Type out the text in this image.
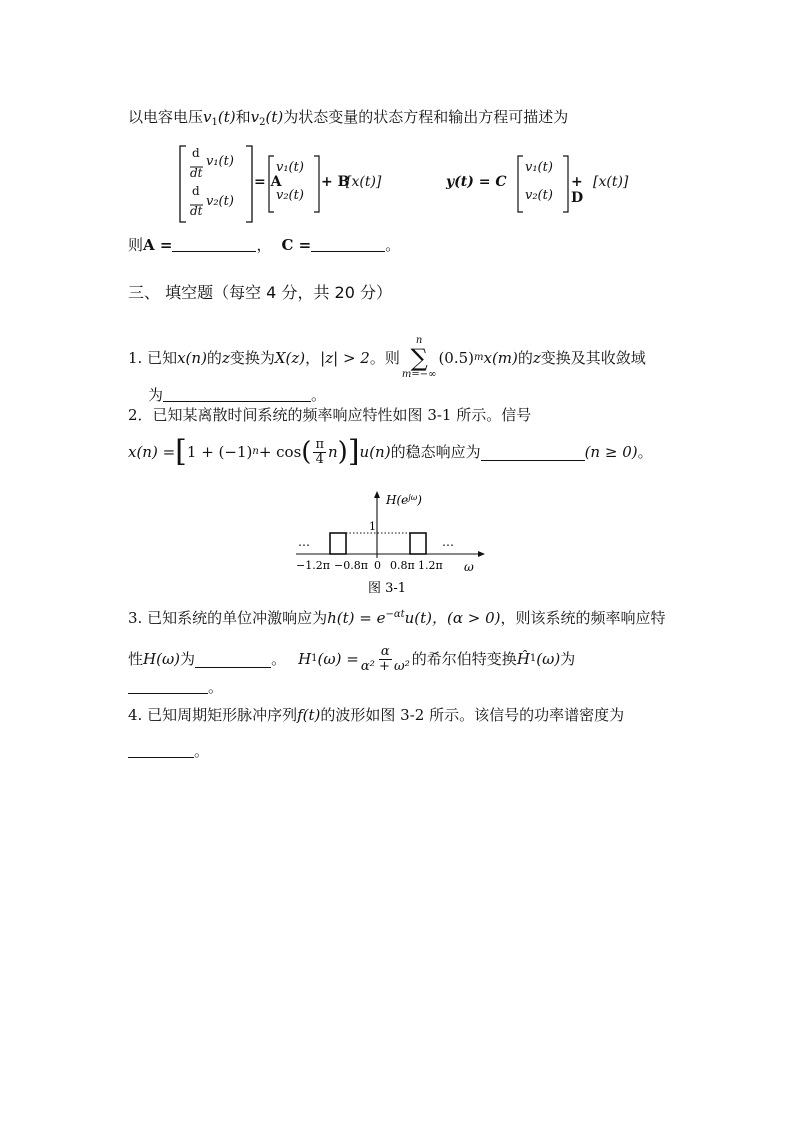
以电容电压$v_1(t)$和$v_2(t)$为状态变量的状态方程和输出方程可描述为
d
dt
v₁(t)
d
dt
v₂(t)
= A
v₁(t)
v₂(t)
+ B
[x(t)]	y(t) = C
v₁(t)
v₂(t)
+ D
[x(t)]
则A =	， C =	。
三、 填空题（每空 4 分，共 20 分）
1. 已知 x(n) 的 z 变换为 X(z) ， |z| > 2 。则
n
∑
m=−∞
(0.5) m x(m) 的 z 变换及其收敛域
为	。
2．已知某离散时间系统的频率响应特性如图 3-1 所示。信号
x(n) = [ 1 + (−1) n + cos ( $\frac{\pi}{4}$ n ) ] u(n) 的稳态响应为	(n ≥ 0) 。
$H(e^{j\omega})$
1
…	…
−1.2π −0.8π 0 0.8π 1.2π ω
图 3-1
3. 已知系统的单位冲激响应为$h(t) = e^{-\alpha t}u(t)$，(α > 0)，则该系统的频率响应特
性 H(ω) 为	。 H 1 $(\omega) = \frac{\alpha}{\text{α² + ω²}}$ 的希尔伯特变换 Ĥ 1 (ω) 为
。
4. 已知周期矩形脉冲序列f(t)的波形如图 3-2 所示。该信号的功率谱密度为
。
